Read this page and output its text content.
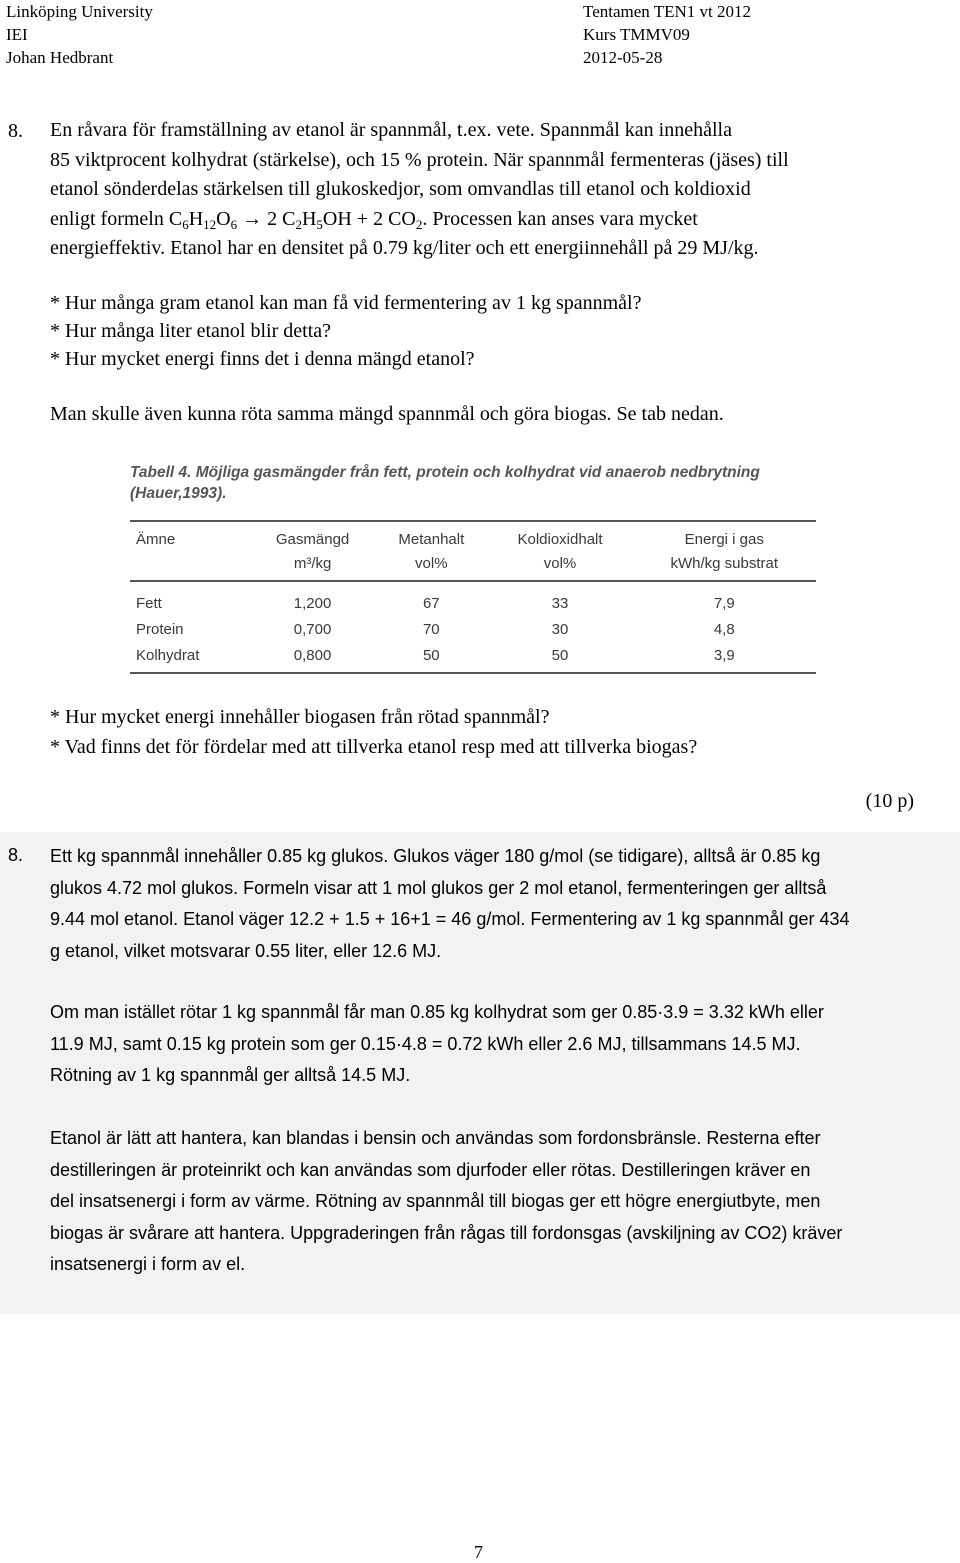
Linköping University
IEI
Johan Hedbrant
Tentamen TEN1 vt 2012
Kurs TMMV09
2012-05-28
8. En råvara för framställning av etanol är spannmål, t.ex. vete. Spannmål kan innehålla

85 viktprocent kolhydrat (stärkelse), och 15 % protein. När spannmål fermenteras (jäses) till

etanol sönderdelas stärkelsen till glukoskedjor, som omvandlas till etanol och koldioxid

enligt formeln $C_6H_{12}O_6 \to 2$ $C_2H_5OH + 2$ $CO_2$. Processen kan anses vara mycket

energieffektiv. Etanol har en densitet på 0.79 kg/liter och ett energiinnehåll på 29 MJ/kg.

* Hur många gram etanol kan man få vid fermentering av 1 kg spannmål?

* Hur många liter etanol blir detta?

* Hur mycket energi finns det i denna mängd etanol?

Man skulle även kunna röta samma mängd spannmål och göra biogas. Se tab nedan.
Tabell 4. Möjliga gasmängder från fett, protein och kolhydrat vid anaerob nedbrytning
(Hauer,1993).
Ämne	Gasmängd	Metanhalt	Koldioxidhalt	Energi i gas
	m³/kg	vol%	vol%	kWh/kg substrat
Fett	1,200	67	33	7,9
Protein	0,700	70	30	4,8
Kolhydrat	0,800	50	50	3,9

* Hur mycket energi innehåller biogasen från rötad spannmål?

* Vad finns det för fördelar med att tillverka etanol resp med att tillverka biogas?

(10 p)
8. Ett kg spannmål innehåller 0.85 kg glukos. Glukos väger 180 g/mol (se tidigare), alltså är 0.85 kg

glukos 4.72 mol glukos. Formeln visar att 1 mol glukos ger 2 mol etanol, fermenteringen ger alltså

9.44 mol etanol. Etanol väger 12.2 + 1.5 + 16+1 = 46 g/mol. Fermentering av 1 kg spannmål ger 434

g etanol, vilket motsvarar 0.55 liter, eller 12.6 MJ.

Om man istället rötar 1 kg spannmål får man 0.85 kg kolhydrat som ger 0.85·3.9 = 3.32 kWh eller

11.9 MJ, samt 0.15 kg protein som ger 0.15·4.8 = 0.72 kWh eller 2.6 MJ, tillsammans 14.5 MJ.

Rötning av 1 kg spannmål ger alltså 14.5 MJ.

Etanol är lätt att hantera, kan blandas i bensin och användas som fordonsbränsle. Resterna efter

destilleringen är proteinrikt och kan användas som djurfoder eller rötas. Destilleringen kräver en

del insatsenergi i form av värme. Rötning av spannmål till biogas ger ett högre energiutbyte, men

biogas är svårare att hantera. Uppgraderingen från rågas till fordonsgas (avskiljning av CO2) kräver

insatsenergi i form av el.

7
